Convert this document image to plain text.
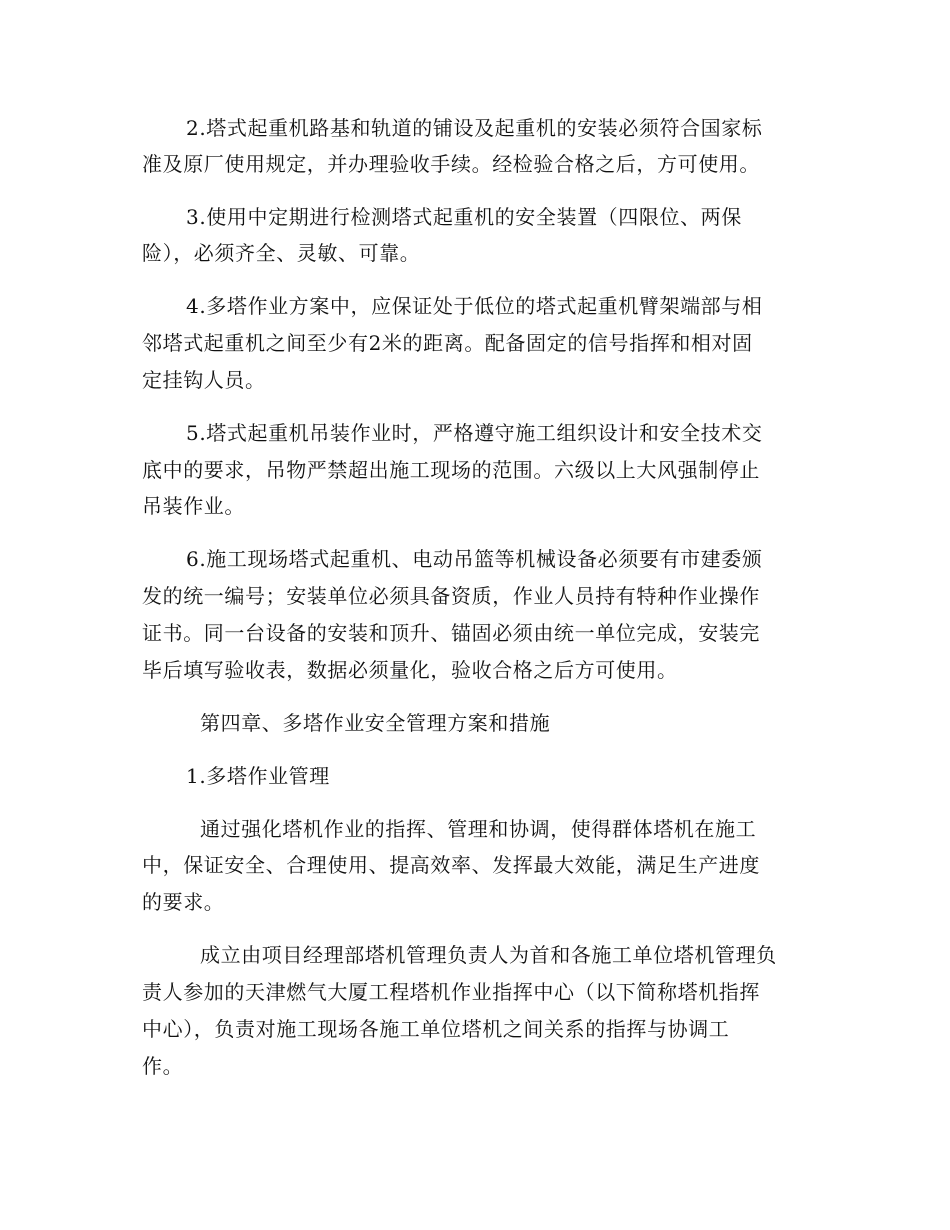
2.塔式起重机路基和轨道的铺设及起重机的安装必须符合国家标
准及原厂使用规定，并办理验收手续。经检验合格之后，方可使用。
3.使用中定期进行检测塔式起重机的安全装置（四限位、两保
险），必须齐全、灵敏、可靠。
4.多塔作业方案中，应保证处于低位的塔式起重机臂架端部与相
邻塔式起重机之间至少有2米的距离。配备固定的信号指挥和相对固
定挂钩人员。
5.塔式起重机吊装作业时，严格遵守施工组织设计和安全技术交
底中的要求，吊物严禁超出施工现场的范围。六级以上大风强制停止
吊装作业。
6.施工现场塔式起重机、电动吊篮等机械设备必须要有市建委颁
发的统一编号；安装单位必须具备资质，作业人员持有特种作业操作
证书。同一台设备的安装和顶升、锚固必须由统一单位完成，安装完
毕后填写验收表，数据必须量化，验收合格之后方可使用。
第四章、多塔作业安全管理方案和措施
1.多塔作业管理
通过强化塔机作业的指挥、管理和协调，使得群体塔机在施工
中，保证安全、合理使用、提高效率、发挥最大效能，满足生产进度
的要求。
成立由项目经理部塔机管理负责人为首和各施工单位塔机管理负
责人参加的天津燃气大厦工程塔机作业指挥中心（以下简称塔机指挥
中心），负责对施工现场各施工单位塔机之间关系的指挥与协调工
作。
